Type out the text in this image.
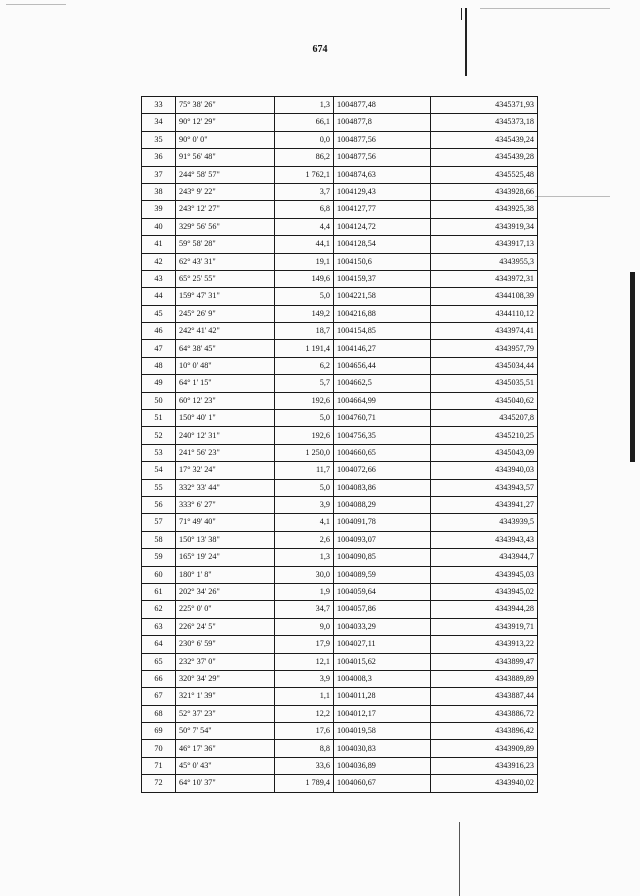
674
33	75° 38' 26"	1,3	1004877,48	4345371,93
34	90° 12' 29"	66,1	1004877,8	4345373,18
35	90° 0' 0"	0,0	1004877,56	4345439,24
36	91° 56' 48"	86,2	1004877,56	4345439,28
37	244° 58' 57"	1 762,1	1004874,63	4345525,48
38	243° 9' 22"	3,7	1004129,43	4343928,66
39	243° 12' 27"	6,8	1004127,77	4343925,38
40	329° 56' 56"	4,4	1004124,72	4343919,34
41	59° 58' 28"	44,1	1004128,54	4343917,13
42	62° 43' 31"	19,1	1004150,6	4343955,3
43	65° 25' 55"	149,6	1004159,37	4343972,31
44	159° 47' 31"	5,0	1004221,58	4344108,39
45	245° 26' 9"	149,2	1004216,88	4344110,12
46	242° 41' 42"	18,7	1004154,85	4343974,41
47	64° 38' 45"	1 191,4	1004146,27	4343957,79
48	10° 0' 48"	6,2	1004656,44	4345034,44
49	64° 1' 15"	5,7	1004662,5	4345035,51
50	60° 12' 23"	192,6	1004664,99	4345040,62
51	150° 40' 1"	5,0	1004760,71	4345207,8
52	240° 12' 31"	192,6	1004756,35	4345210,25
53	241° 56' 23"	1 250,0	1004660,65	4345043,09
54	17° 32' 24"	11,7	1004072,66	4343940,03
55	332° 33' 44"	5,0	1004083,86	4343943,57
56	333° 6' 27"	3,9	1004088,29	4343941,27
57	71° 49' 40"	4,1	1004091,78	4343939,5
58	150° 13' 38"	2,6	1004093,07	4343943,43
59	165° 19' 24"	1,3	1004090,85	4343944,7
60	180° 1' 8"	30,0	1004089,59	4343945,03
61	202° 34' 26"	1,9	1004059,64	4343945,02
62	225° 0' 0"	34,7	1004057,86	4343944,28
63	226° 24' 5"	9,0	1004033,29	4343919,71
64	230° 6' 59"	17,9	1004027,11	4343913,22
65	232° 37' 0"	12,1	1004015,62	4343899,47
66	320° 34' 29"	3,9	1004008,3	4343889,89
67	321° 1' 39"	1,1	1004011,28	4343887,44
68	52° 37' 23"	12,2	1004012,17	4343886,72
69	50° 7' 54"	17,6	1004019,58	4343896,42
70	46° 17' 36"	8,8	1004030,83	4343909,89
71	45° 0' 43"	33,6	1004036,89	4343916,23
72	64° 10' 37"	1 789,4	1004060,67	4343940,02
